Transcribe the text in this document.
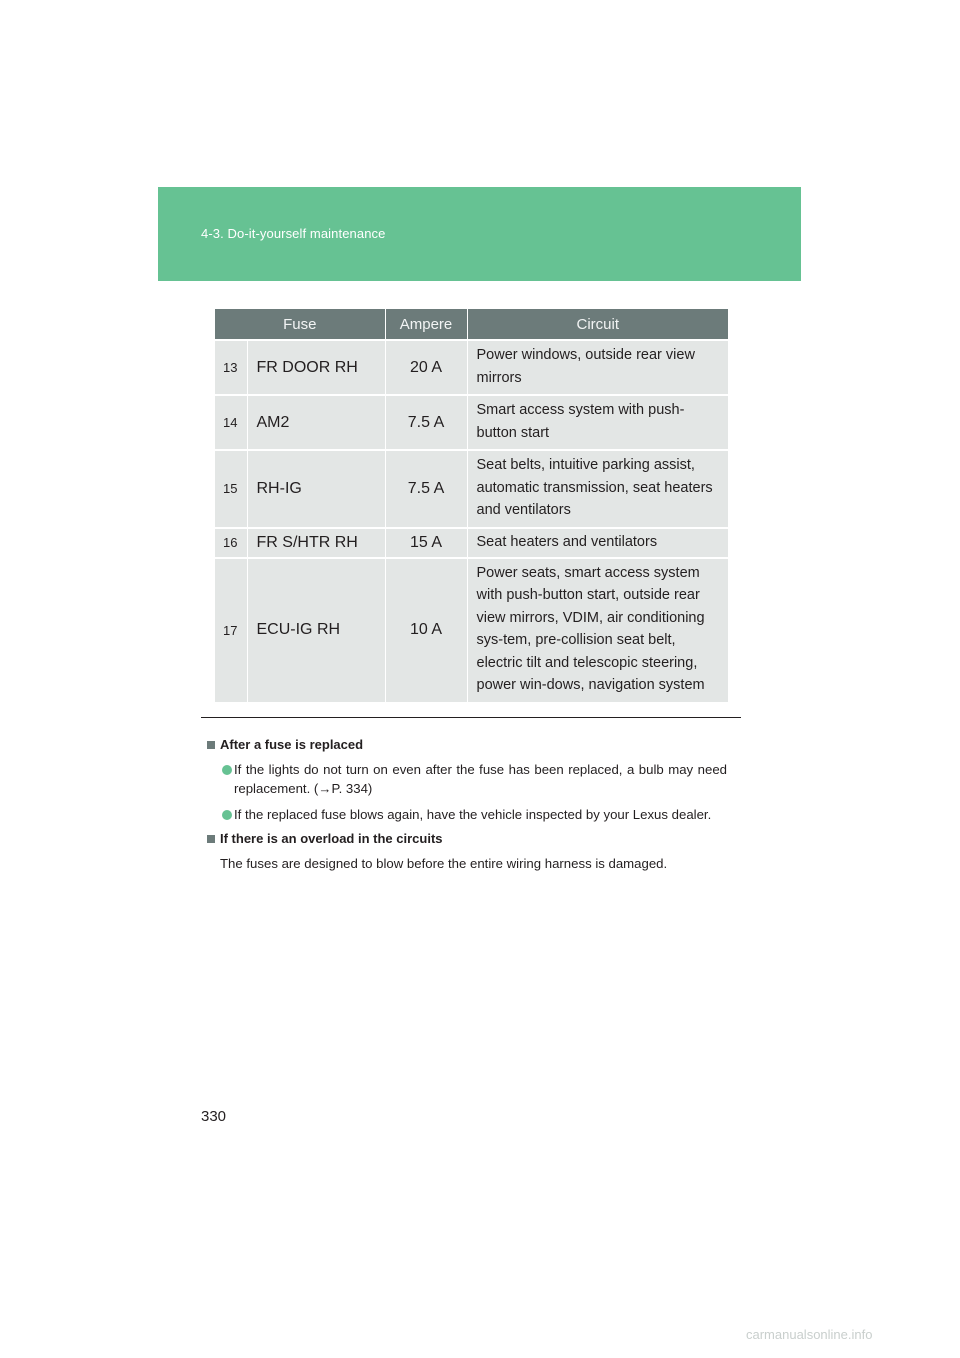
4-3. Do-it-yourself maintenance
Fuse		Ampere	Circuit
13	FR DOOR RH	20 A	Power windows, outside rear view mirrors
14	AM2	7.5 A	Smart access system with push-button start
15	RH-IG	7.5 A	Seat belts, intuitive parking assist, automatic transmission, seat heaters and ventilators
16	FR S/HTR RH	15 A	Seat heaters and ventilators
17	ECU-IG RH	10 A	Power seats, smart access system with push-button start, outside rear view mirrors, VDIM, air conditioning sys-tem, pre-collision seat belt, electric tilt and telescopic steering, power win-dows, navigation system
After a fuse is replaced
If the lights do not turn on even after the fuse has been replaced, a bulb may need replacement. (→P. 334)
If the replaced fuse blows again, have the vehicle inspected by your Lexus dealer.
If there is an overload in the circuits
The fuses are designed to blow before the entire wiring harness is damaged.
330
carmanualsonline.info
